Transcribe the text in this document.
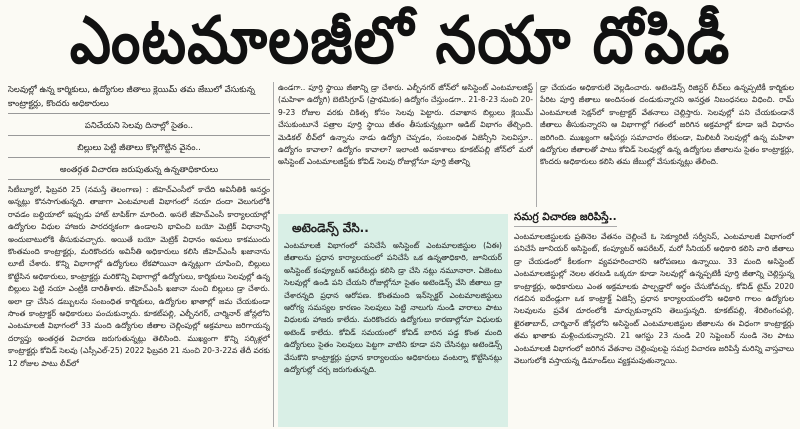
ఎంటమాలజీలో నయా దోపిడీ

సెలవుల్లో ఉన్న కార్మికులు, ఉద్యోగుల జీతాలు క్లెయిమ్‌ తమ జేబులో వేసుకున్న కాంట్రాక్టర్లు, కొందరు అధికారులు

పనిచేయని సెలవు దినాల్లో సైతం..

బిల్లులు పెట్టి జీతాలు కొల్లగొట్టిన వైనం..

అంతర్గత విచారణ జరుపుతున్న ఉన్నతాధికారులు

సిటీబ్యూరో, ఫిబ్రవరి 25 (నమస్తే తెలంగాణ) : జీహెచ్‌ఎంసీలో కాదేది అవినీతికి అనర్హం అన్నట్లు కొనసాగుతున్నది. తాజాగా ఎంటమాలజీ విభాగంలో నయా దందా వెలుగులోకి రావడం బల్దియాలో ఇప్పుడు హాట్‌ టాపిక్‌గా మారింది. అసలే జీహెచ్‌ఎంసీ కార్యాలయాల్లో ఉద్యోగుల విధుల హాజరు పారదర్శకంగా ఉండాలని భావించి బయో మెట్రిక్‌ విధానాన్ని అందుబాటులోకి తీసుకువచ్చారు. అయితే బయో మెట్రిక్‌ విధానం అమలు కాకముందు కొంతమంది కాంట్రాక్టర్లు, మరికొందరు అవినీతి అధికారులు కలిసి జీహెచ్‌ఎంసీ ఖజానాను లూటీ చేశారు. కొన్ని విభాగాల్లో ఉద్యోగులు లేకపోయినా ఉన్నట్లుగా చూపించి, బిల్లులు కొట్టేసిన అధికారులు, కాంట్రాక్టర్లు మరికొన్ని విభాగాల్లో ఉద్యోగులు, కార్మికులు సెలవుల్లో ఉన్న బిల్లులు పెట్టి నయా ఎంట్రీకి దారితీశారు. జీహెచ్‌ఎంసీ ఖజానా నుంచి బిల్లులు డ్రా చేశారు. అలా డ్రా చేసిన డబ్బులను సంబంధిత కార్మికులు, ఉద్యోగుల ఖాతాల్లో జమ చేయకుండా సొంత కాంట్రాక్టర్‌ అధికారులు పంచుకున్నారు. కూకట్‌పల్లి, ఎల్బీనగర్‌, చార్మినార్‌ జోన్లలోని ఎంటమాలజీ విభాగంలో 33 మంది ఉద్యోగుల జీతాల చెల్లింపుల్లో అక్రమాలు జరిగాయన్న దర్యాప్తు అంతర్గత విచారణ జరుగుతున్నట్లు తెలిసింది. ముఖ్యంగా కొన్ని సర్కిళ్లలో కాంట్రాక్టర్లు కోవిడ్‌ సెలవు (ఎస్సీఎల్‌-25) 2022 ఫిబ్రవరి 21 నుంచి 20-3-22వ తేదీ వరకు 12 రోజుల పాటు లీవ్‌లో

ఉండగా.. పూర్తి స్థాయి జీతాన్ని డ్రా చేశారు. ఎల్బీనగర్‌ జోన్‌లో అసిస్టెంట్‌ ఎంటమాలజిస్ట్‌ (మహిళా ఉద్యోగి) బెటిసిగ్రూప్‌ (ప్రాథమికం) ఉద్యోగం చేస్తుండగా.. 21-8-23 నుంచి 20-9-23 రోజుల వరకు చికిత్స కోసం సెలవు పెట్టారు. దవాఖాన బిల్లులు క్లెయిమ్‌ చేసుకుంటూనే పత్రాల పూర్తి స్థాయి జీతం తీసుకున్నట్లుగా ఆడిట్‌ విభాగం తేల్చింది. మెడికల్‌ లీవ్‌లో ఉన్నాను నాడు ఉద్యోగి చెప్పడం, సంబంధిత ఏజెన్సీని సెలవిస్తూ.. ఉద్యోగం కావాలా? ఉద్యోగం కావాలా? ఇలాంటి అవకాశాలు కూకట్‌పల్లి జోన్‌లో మరో అసిస్టెంట్‌ ఎంటమాలజిస్ట్‌కు కోవిడ్‌ సెలవు రోజుల్లోనూ పూర్తి జీతాన్ని

డ్రా చేయడం అధికారులే వెల్లడించారు. అటెండెన్స్‌ రిజిస్టర్‌ లీవ్‌లు ఉన్నప్పటికీ కార్మికుల పేరిట పూర్తి జీతాలు అందినంత దండుకున్నారని అనర్హత నిబంధనలు విధించి. రామ్‌ ఎంటమాలజీ సెక్షన్‌లో కాంట్రాక్టర్‌ వేతనాలు చెల్లిస్తారు. సెలవుల్లో పని చేయకుండానే జీతాలు తీసుకున్నారని ఆ విభాగాల్లో గతంలో జరిగిన అక్రమాల్లో కూడా ఇదే విధానం జరిగింది. ముఖ్యంగా ఆఫీసర్లు సమాచారం లేకుండా, మిలిటరీ సెలవుల్లో ఉన్న మహిళా ఉద్యోగుల జీతాలతో పాటు కోవిడ్‌ సెలవుల్లో ఉన్న ఉద్యోగుల జీతాలను సైతం కాంట్రాక్టర్లు, కొందరు అధికారులు కలిసి తమ జేబుల్లో వేసుకున్నట్లు తేలింది.

అటెండెన్స్‌ వేసి..

ఎంటమాలజీ విభాగంలో పనిచేసే అసిస్టెంట్‌ ఎంటమాలజిస్టుల (ఏఈ) జీతాలను ప్రధాన కార్యాలయంలో పనిచేసే ఒక ఉన్నతాధికారి, జూనియర్‌ అసిస్టెంట్‌ కంప్యూటర్‌ ఆపరేటర్లు కలిసి డ్రా చేసి నట్లు నమూనారా. ఏజెంటు సెలవుల్లో ఉండి పని చేయని రోజుల్లోనూ సైతం అటెండెన్స్‌ వేసి జీతాలు డ్రా చేశారన్నది ప్రధాన ఆరోపణ. కొంతమంది ఇన్‌స్పెక్టర్‌ ఎంటమాలజిస్టులు ఆరోగ్య సమస్యల కారణం సెలవులు పెట్టి నాలుగు నుండి వారాలు పాటు విధులకు హాజరు కాలేదు. మరికొందరు ఉద్యోగులు కారణాల్లోనూ విధులకు అటెండ్‌ కాలేదు. కోవిడ్‌ సమయంలో కోవిడ్‌ బారిన పడ్డ కొంత మంది ఉద్యోగులు సైతం సెలవులు పెట్టగా వాటిని కూడా పని చేసినట్లు అటెండెన్స్‌ వేసుకొని కాంట్రాక్టర్లు ప్రధాన కార్యాలయం అధికారులు వంటర్నా కొట్టేసినట్లు ఉద్యోగుల్లో చర్చ జరుగుతున్నది.

సమగ్ర విచారణ జరిపిస్తే..

ఎంటమాలజిస్టులకు ప్రతినెల వేతనం చెల్లించే ఓ సెక్యూరిటీ సర్వీసెస్‌, ఎంటమాలజీ విభాగంలో పనిచేసే జూనియర్‌ అసిస్టెంట్‌, కంప్యూటర్‌ ఆపరేటర్‌, మరో సీనియర్‌ అధికారి కలిసి వారి జీతాలు డ్రా చేయడంలో కీలకంగా వ్యవహరించారని ఆరోపణలు ఉన్నాయి. 33 మంది అసిస్టెంట్‌ ఎంటమాలజిస్టుల్లో నెలల తరబడి ఒక్కరూ కూడా సెలవుల్లో ఉన్నప్పటికీ పూర్తి జీతాన్ని చెల్లిస్తున్న కాంట్రాక్టర్లు, అధికారులు ఎంత అక్రమాలకు పాల్పడ్డారో అర్థం చేసుకోవచ్చు. కోవిడ్‌ టైమ్‌ 2020 గడచిన ఐదేండ్లుగా ఒక కాంట్రాక్ట్‌ ఏజెన్సీ ప్రధాన కార్యాలయంలోని అధికారి గాలం ఉద్యోగుల సెలవులను ప్రవేశ దూరంలోకి మార్చుకున్నారని తెలుస్తున్నది. కూకట్‌పల్లి, శేరిలింగంపల్లి, ఖైరతాబాద్‌, చార్మినార్‌ జోన్లలోని అసిస్టెంట్‌ ఎంటమాలజిస్టుల జీతాలను ఈ విధంగా కాంట్రాక్టర్లు తమ ఖాతాకు మళ్లించుకున్నారని. 21 ఆగస్టు 23 నుండి 20 సెప్టెంబర్‌ నుండి నెల పాటు ఎంటమాలజీ విభాగంలో జరిగిన వేతనాల చెల్లింపులపై సమగ్ర విచారణ జరిపిస్తే మరిన్ని వాస్తవాలు వెలుగులోకి వస్తాయన్న డిమాండ్‌లు వ్యక్తమవుతున్నాయి.
